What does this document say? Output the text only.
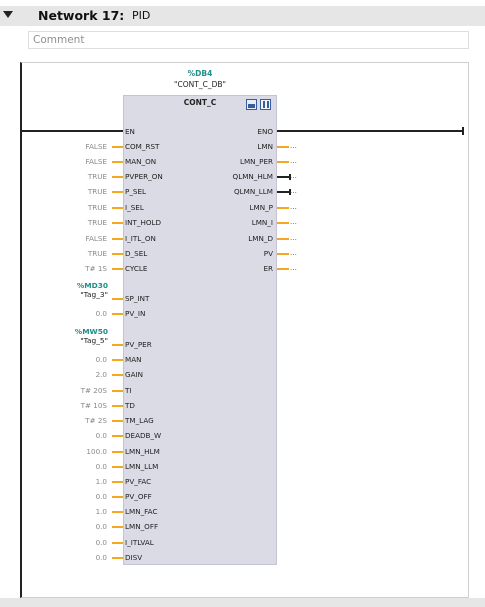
Network 17: PID
Comment
%DB4
"CONT_C_DB"
CONT_C
EN	ENO
COM_RST
FALSE
MAN_ON
FALSE
PVPER_ON
TRUE
P_SEL
TRUE
I_SEL
TRUE
INT_HOLD
TRUE
I_ITL_ON
FALSE
D_SEL
TRUE
CYCLE
T# 1S
SP_INT
%MD30
"Tag_3"
PV_IN
0.0
PV_PER
%MW50
"Tag_5"
MAN
0.0
GAIN
2.0
TI
T# 20S
TD
T# 10S
TM_LAG
T# 2S
DEADB_W
0.0
LMN_HLM
100.0
LMN_LLM
0.0
PV_FAC
1.0
PV_OFF
0.0
LMN_FAC
1.0
LMN_OFF
0.0
I_ITLVAL
0.0
DISV
0.0
LMN ...
LMN_PER ...
QLMN_HLM ...
QLMN_LLM ...
LMN_P ...
LMN_I ...
LMN_D ...
PV ...
ER ...
